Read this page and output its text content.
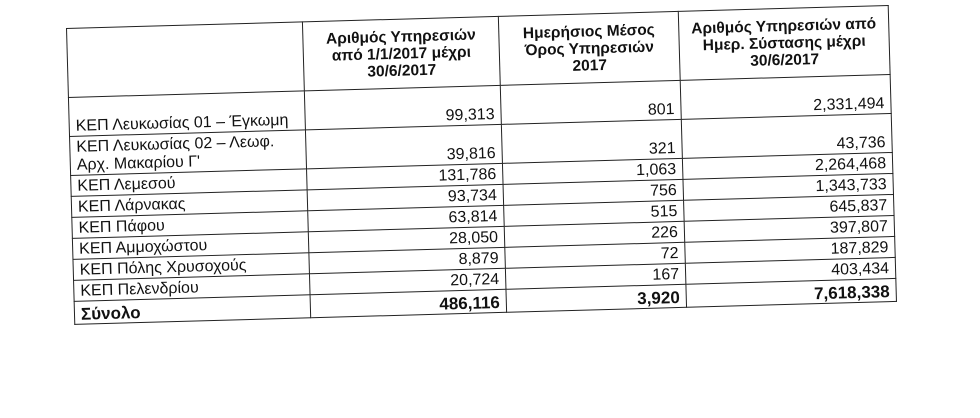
	Αριθμός Υπηρεσιών από 1/1/2017 μέχρι 30/6/2017	Ημερήσιος Μέσος Όρος Υπηρεσιών 2017	Αριθμός Υπηρεσιών από Ημερ. Σύστασης μέχρι 30/6/2017
ΚΕΠ Λευκωσίας 01 – Έγκωμη	99,313	801	2,331,494
ΚΕΠ Λευκωσίας 02 – Λεωφ. Αρχ. Μακαρίου Γ'	39,816	321	43,736
ΚΕΠ Λεμεσού	131,786	1,063	2,264,468
ΚΕΠ Λάρνακας	93,734	756	1,343,733
ΚΕΠ Πάφου	63,814	515	645,837
ΚΕΠ Αμμοχώστου	28,050	226	397,807
ΚΕΠ Πόλης Χρυσοχούς	8,879	72	187,829
ΚΕΠ Πελενδρίου	20,724	167	403,434
Σύνολο	486,116	3,920	7,618,338
